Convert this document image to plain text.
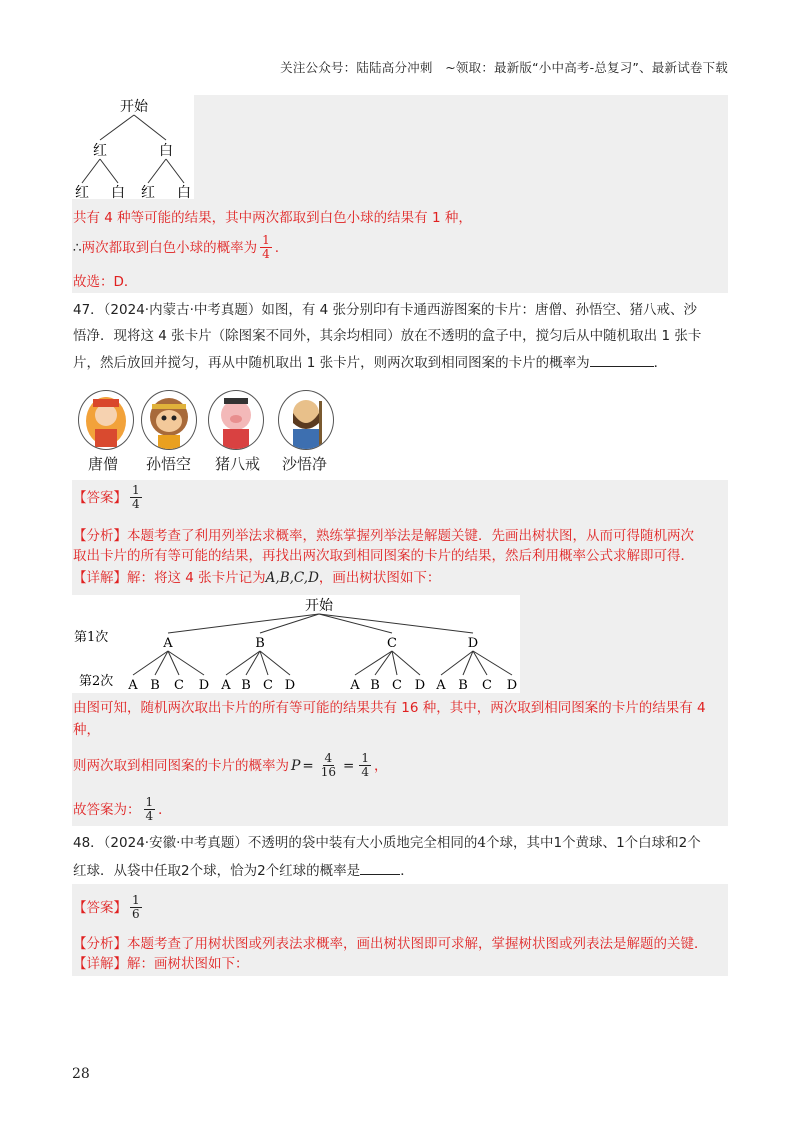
关注公众号：陆陆高分冲刺　~领取：最新版“小中高考-总复习”、最新试卷下载
开始
红	白
红 白 红 白
共有 4 种等可能的结果，其中两次都取到白色小球的结果有 1 种，
∴ 两次都取到白色小球的概率为 $\frac{1}{4}$ .
故选：D．
47．（2024·内蒙古·中考真题）如图，有 4 张分别印有卡通西游图案的卡片：唐僧、孙悟空、猪八戒、沙
悟净．现将这 4 张卡片（除图案不同外，其余均相同）放在不透明的盒子中，搅匀后从中随机取出 1 张卡
片，然后放回并搅匀，再从中随机取出 1 张卡片，则两次取到相同图案的卡片的概率为	．
唐僧 孙悟空 猪八戒 沙悟净
【答案】 $\frac{1}{4}$
【分析】本题考查了利用列举法求概率，熟练掌握列举法是解题关键．先画出树状图，从而可得随机两次
取出卡片的所有等可能的结果，再找出两次取到相同图案的卡片的结果，然后利用概率公式求解即可得．
【详解】解：将这 4 张卡片记为A,B,C,D，画出树状图如下：
开始
第1次
第2次
A	B	C	D
A B C D A B C D	A B C D A B C D
由图可知，随机两次取出卡片的所有等可能的结果共有 16 种，其中，两次取到相同图案的卡片的结果有 4
种，
则两次取到相同图案的卡片的概率为 $P = \frac{4}{16} = \frac{1}{4}$ ，
故答案为： $\frac{1}{4}$ ．
48．（2024·安徽·中考真题）不透明的袋中装有大小质地完全相同的4个球，其中1个黄球、1个白球和2个
红球．从袋中任取2个球，恰为2个红球的概率是	．
【答案】 $\frac{1}{6}$
【分析】本题考查了用树状图或列表法求概率，画出树状图即可求解，掌握树状图或列表法是解题的关键．
【详解】解：画树状图如下：
28
